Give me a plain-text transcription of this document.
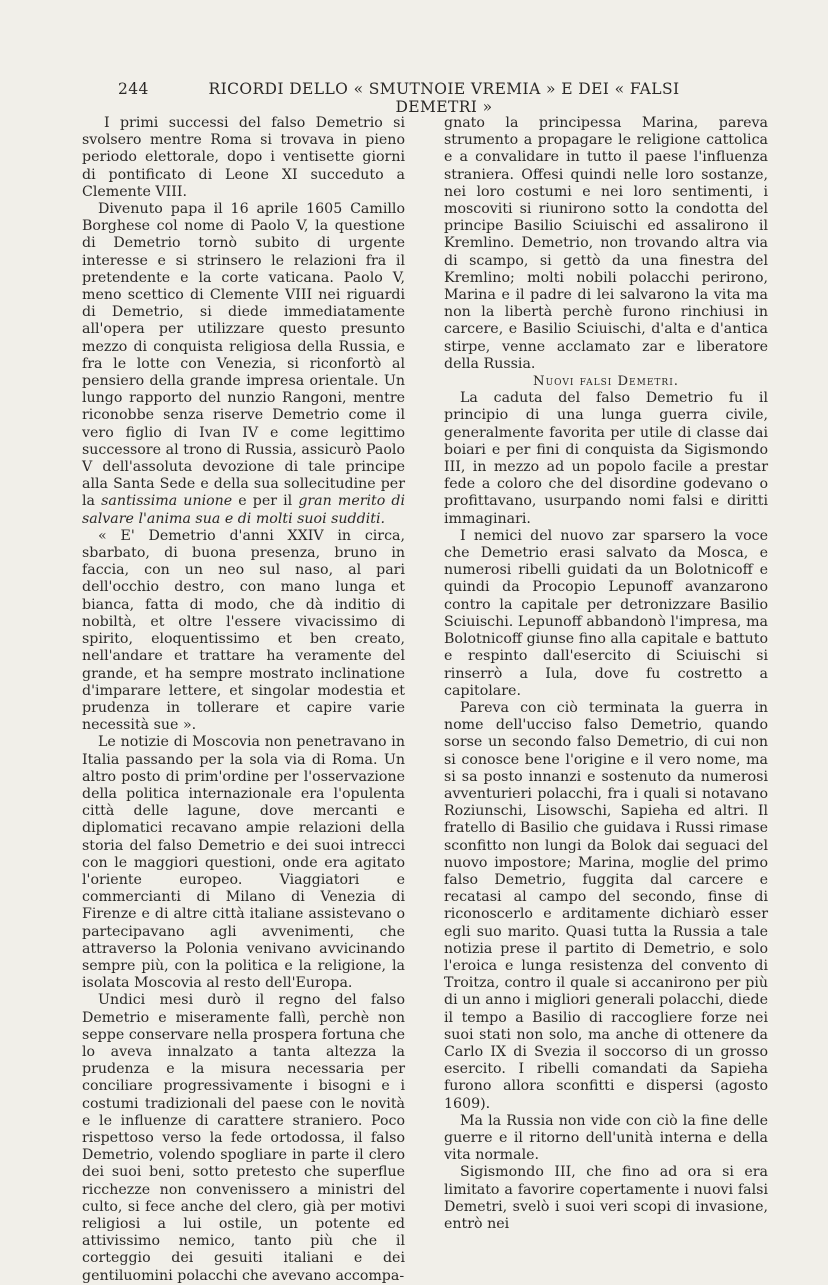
244	RICORDI DELLO « SMUTNOIE VREMIA » E DEI « FALSI DEMETRI »

I primi successi del falso Demetrio si svolsero mentre Roma si trovava in pieno periodo elettorale, dopo i ventisette giorni di pontificato di Leone XI succeduto a Clemente VIII.

Divenuto papa il 16 aprile 1605 Camillo Borghese col nome di Paolo V, la questione di Demetrio tornò subito di urgente interesse e si strinsero le relazioni fra il pretendente e la corte vaticana. Paolo V, meno scettico di Clemente VIII nei riguardi di Demetrio, si diede immediatamente all'opera per utilizzare questo presunto mezzo di conquista religiosa della Russia, e fra le lotte con Venezia, si riconfortò al pensiero della grande impresa orientale. Un lungo rapporto del nunzio Rangoni, mentre riconobbe senza riserve Demetrio come il vero figlio di Ivan IV e come legittimo successore al trono di Russia, assicurò Paolo V dell'assoluta devozione di tale principe alla Santa Sede e della sua sollecitudine per la santissima unione e per il gran merito di salvare l'anima sua e di molti suoi sudditi.

« E' Demetrio d'anni XXIV in circa, sbarbato, di buona presenza, bruno in faccia, con un neo sul naso, al pari dell'occhio destro, con mano lunga et bianca, fatta di modo, che dà inditio di nobiltà, et oltre l'essere vivacissimo di spirito, eloquentissimo et ben creato, nell'andare et trattare ha veramente del grande, et ha sempre mostrato inclinatione d'imparare lettere, et singolar modestia et prudenza in tollerare et capire varie necessità sue ».

Le notizie di Moscovia non penetravano in Italia passando per la sola via di Roma. Un altro posto di prim'ordine per l'osservazione della politica internazionale era l'opulenta città delle lagune, dove mercanti e diplomatici recavano ampie relazioni della storia del falso Demetrio e dei suoi intrecci con le maggiori questioni, onde era agitato l'oriente europeo. Viaggiatori e commercianti di Milano di Venezia di Firenze e di altre città italiane assistevano o partecipavano agli avvenimenti, che attraverso la Polonia venivano avvicinando sempre più, con la politica e la religione, la isolata Moscovia al resto dell'Europa.

Undici mesi durò il regno del falso Demetrio e miseramente fallì, perchè non seppe conservare nella prospera fortuna che lo aveva innalzato a tanta altezza la prudenza e la misura necessaria per conciliare progressivamente i bisogni e i costumi tradizionali del paese con le novità e le influenze di carattere straniero. Poco rispettoso verso la fede ortodossa, il falso Demetrio, volendo spogliare in parte il clero dei suoi beni, sotto pretesto che superflue ricchezze non convenissero a ministri del culto, si fece anche del clero, già per motivi religiosi a lui ostile, un potente ed attivissimo nemico, tanto più che il corteggio dei gesuiti italiani e dei gentiluomini polacchi che avevano accompa-

gnato la principessa Marina, pareva strumento a propagare le religione cattolica e a convalidare in tutto il paese l'influenza straniera. Offesi quindi nelle loro sostanze, nei loro costumi e nei loro sentimenti, i moscoviti si riunirono sotto la condotta del principe Basilio Sciuischi ed assalirono il Kremlino. Demetrio, non trovando altra via di scampo, si gettò da una finestra del Kremlino; molti nobili polacchi perirono, Marina e il padre di lei salvarono la vita ma non la libertà perchè furono rinchiusi in carcere, e Basilio Sciuischi, d'alta e d'antica stirpe, venne acclamato zar e liberatore della Russia.

Nuovi falsi Demetri.

La caduta del falso Demetrio fu il principio di una lunga guerra civile, generalmente favorita per utile di classe dai boiari e per fini di conquista da Sigismondo III, in mezzo ad un popolo facile a prestar fede a coloro che del disordine godevano o profittavano, usurpando nomi falsi e diritti immaginari.

I nemici del nuovo zar sparsero la voce che Demetrio erasi salvato da Mosca, e numerosi ribelli guidati da un Bolotnicoff e quindi da Procopio Lepunoff avanzarono contro la capitale per detronizzare Basilio Sciuischi. Lepunoff abbandonò l'impresa, ma Bolotnicoff giunse fino alla capitale e battuto e respinto dall'esercito di Sciuischi si rinserrò a Iula, dove fu costretto a capitolare.

Pareva con ciò terminata la guerra in nome dell'ucciso falso Demetrio, quando sorse un secondo falso Demetrio, di cui non si conosce bene l'origine e il vero nome, ma si sa posto innanzi e sostenuto da numerosi avventurieri polacchi, fra i quali si notavano Roziunschi, Lisowschi, Sapieha ed altri. Il fratello di Basilio che guidava i Russi rimase sconfitto non lungi da Bolok dai seguaci del nuovo impostore; Marina, moglie del primo falso Demetrio, fuggita dal carcere e recatasi al campo del secondo, finse di riconoscerlo e arditamente dichiarò esser egli suo marito. Quasi tutta la Russia a tale notizia prese il partito di Demetrio, e solo l'eroica e lunga resistenza del convento di Troitza, contro il quale si accanirono per più di un anno i migliori generali polacchi, diede il tempo a Basilio di raccogliere forze nei suoi stati non solo, ma anche di ottenere da Carlo IX di Svezia il soccorso di un grosso esercito. I ribelli comandati da Sapieha furono allora sconfitti e dispersi (agosto 1609).

Ma la Russia non vide con ciò la fine delle guerre e il ritorno dell'unità interna e della vita normale.

Sigismondo III, che fino ad ora si era limitato a favorire copertamente i nuovi falsi Demetri, svelò i suoi veri scopi di invasione, entrò nei
